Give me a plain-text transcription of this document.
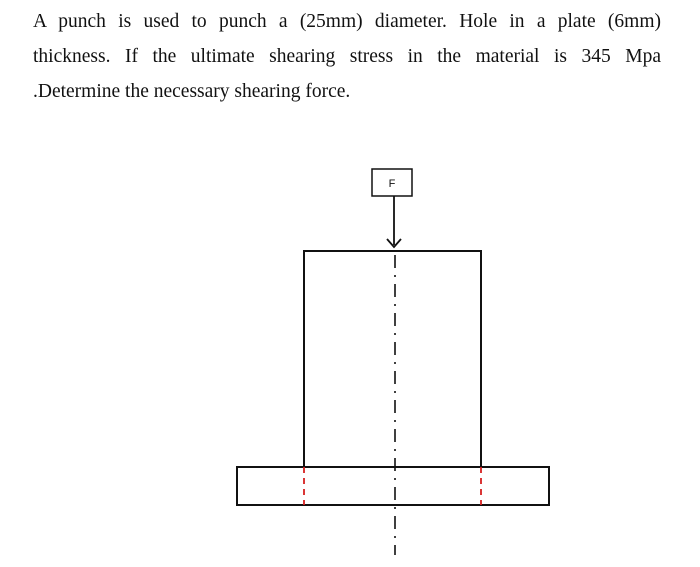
A punch is used to punch a (25mm) diameter. Hole in a plate (6mm)
thickness. If the ultimate shearing stress in the material is 345 Mpa
.Determine the necessary shearing force.
F
